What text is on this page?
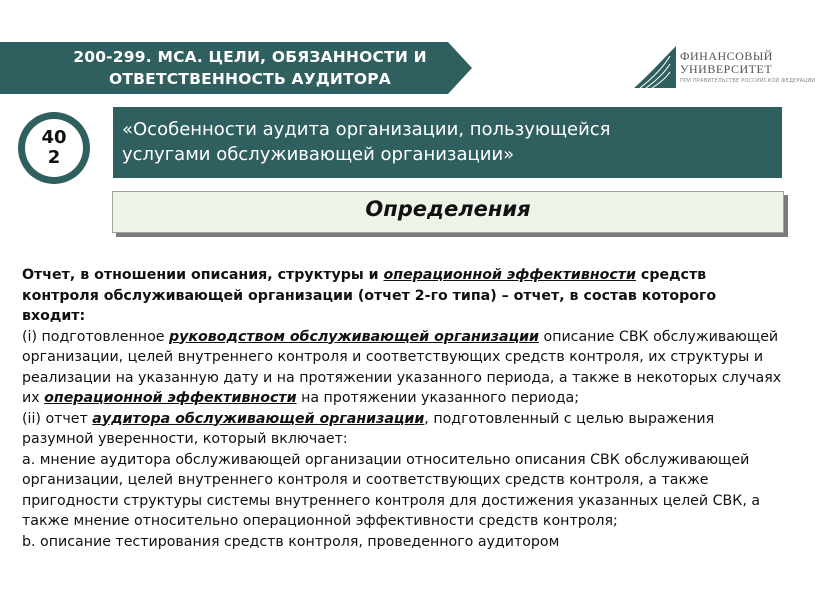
200-299. МСА. ЦЕЛИ, ОБЯЗАННОСТИ И
ОТВЕТСТВЕННОСТЬ АУДИТОРА
ФИНАНСОВЫЙ
УНИВЕРСИТЕТ
ПРИ ПРАВИТЕЛЬСТВЕ РОССИЙСКОЙ ФЕДЕРАЦИИ
40
2
«Особенности аудита организации, пользующейся
услугами обслуживающей организации»
Определения

Отчет, в отношении описания, структуры и операционной эффективности средств контроля обслуживающей организации (отчет 2-го типа) – отчет, в состав которого входит:

(i) подготовленное руководством обслуживающей организации описание СВК обслуживающей организации, целей внутреннего контроля и соответствующих средств контроля, их структуры и реализации на указанную дату и на протяжении указанного периода, а также в некоторых случаях их операционной эффективности на протяжении указанного периода;

(ii) отчет аудитора обслуживающей организации, подготовленный с целью выражения разумной уверенности, который включает:

a. мнение аудитора обслуживающей организации относительно описания СВК обслуживающей организации, целей внутреннего контроля и соответствующих средств контроля, а также пригодности структуры системы внутреннего контроля для достижения указанных целей СВК, а также мнение относительно операционной эффективности средств контроля;

b. описание тестирования средств контроля, проведенного аудитором
